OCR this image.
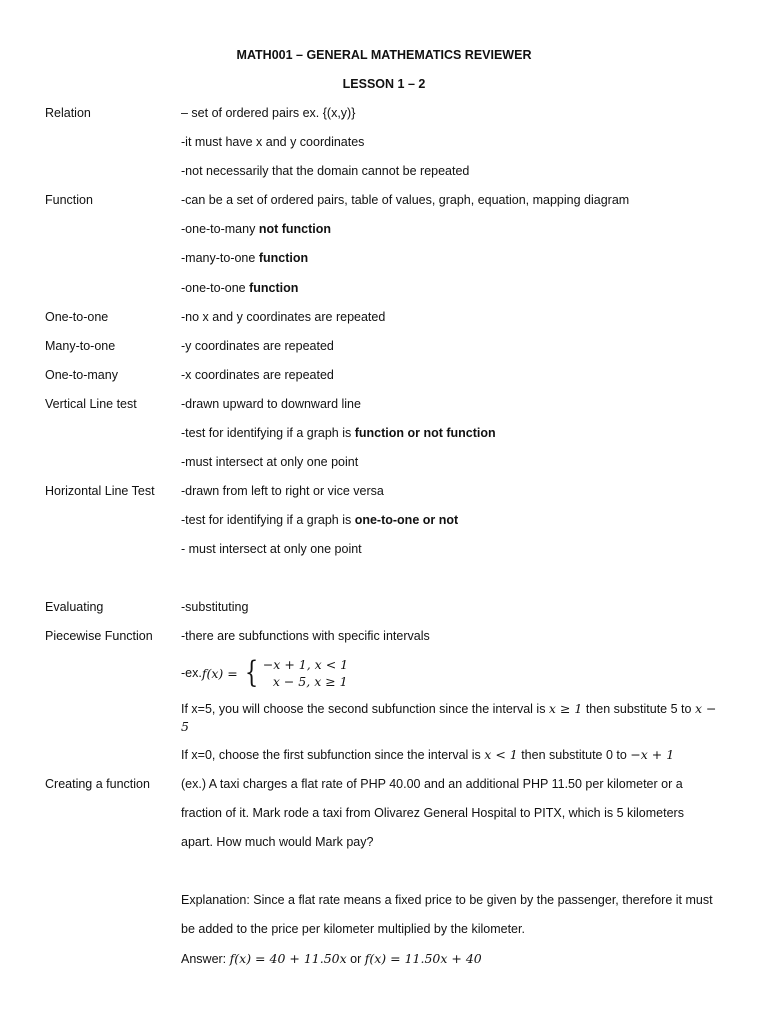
MATH001 – GENERAL MATHEMATICS REVIEWER
LESSON 1 – 2
Relation	– set of ordered pairs ex. {(x,y)}
-it must have x and y coordinates
-not necessarily that the domain cannot be repeated
Function	-can be a set of ordered pairs, table of values, graph, equation, mapping diagram
-one-to-many not function
-many-to-one function
-one-to-one function
One-to-one	-no x and y coordinates are repeated
Many-to-one	-y coordinates are repeated
One-to-many	-x coordinates are repeated
Vertical Line test	-drawn upward to downward line
-test for identifying if a graph is function or not function
-must intersect at only one point
Horizontal Line Test -drawn from left to right or vice versa
-test for identifying if a graph is one-to-one or not
- must intersect at only one point
Evaluating	-substituting
Piecewise Function -there are subfunctions with specific intervals
-ex. f(x) = { −x + 1, x < 1
x − 5, x ≥ 1
If x=5, you will choose the second subfunction since the interval is x ≥ 1 then substitute 5 to x − 5
If x=0, choose the first subfunction since the interval is x < 1 then substitute 0 to −x + 1
Creating a function (ex.) A taxi charges a flat rate of PHP 40.00 and an additional PHP 11.50 per kilometer or a
fraction of it. Mark rode a taxi from Olivarez General Hospital to PITX, which is 5 kilometers
apart. How much would Mark pay?
Explanation: Since a flat rate means a fixed price to be given by the passenger, therefore it must
be added to the price per kilometer multiplied by the kilometer.
Answer: f(x) = 40 + 11.50x or f(x) = 11.50x + 40
